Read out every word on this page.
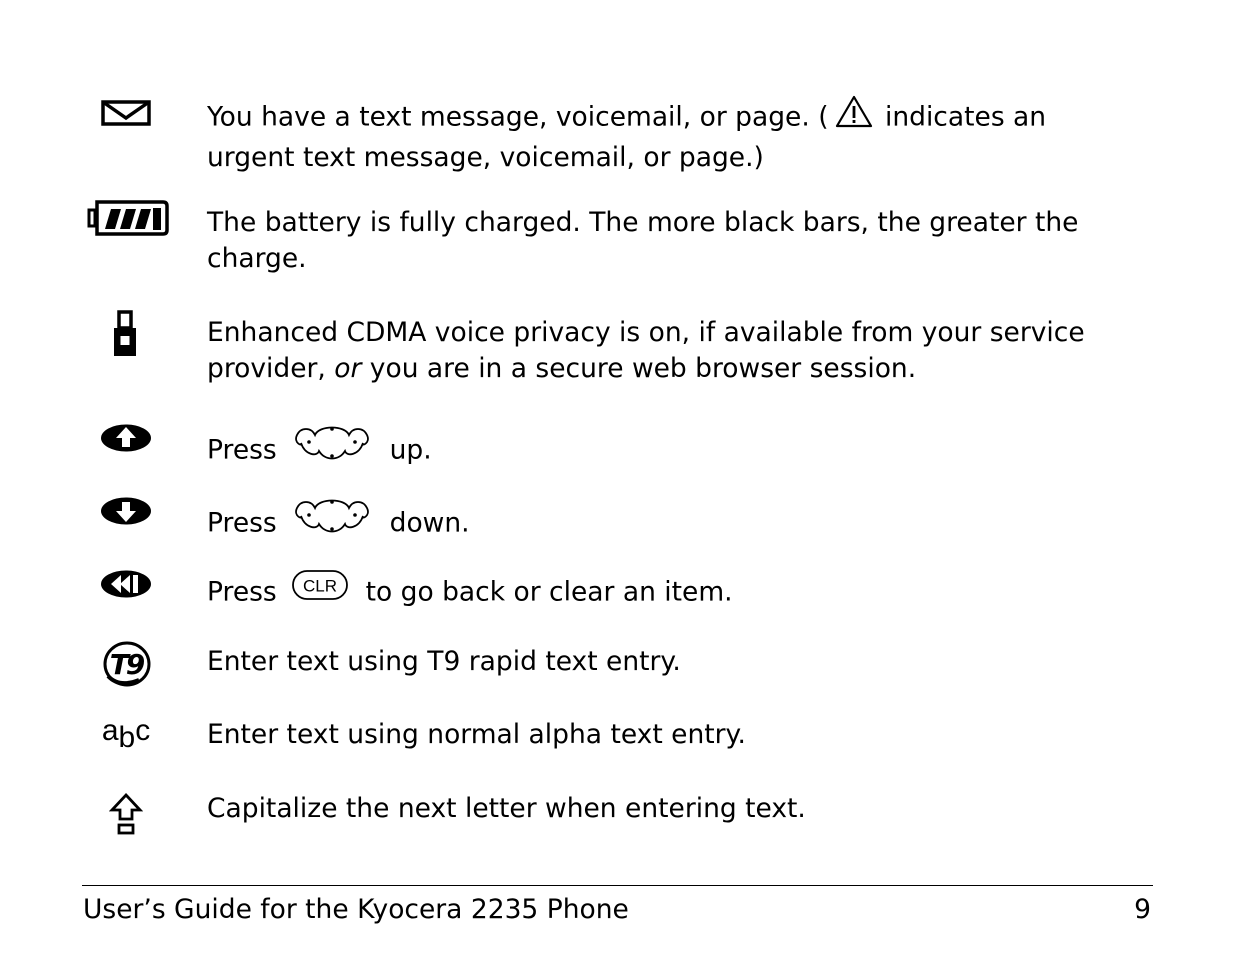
You have a text message, voicemail, or page. ( indicates an urgent text message, voicemail, or page.)
The battery is fully charged. The more black bars, the greater the charge.
Enhanced CDMA voice privacy is on, if available from your service provider, or you are in a secure web browser session.
Press	up.
Press	down.
Press CLR to go back or clear an item.
T9 Enter text using T9 rapid text entry.
a b c Enter text using normal alpha text entry.
Capitalize the next letter when entering text.
User’s Guide for the Kyocera 2235 Phone	9
